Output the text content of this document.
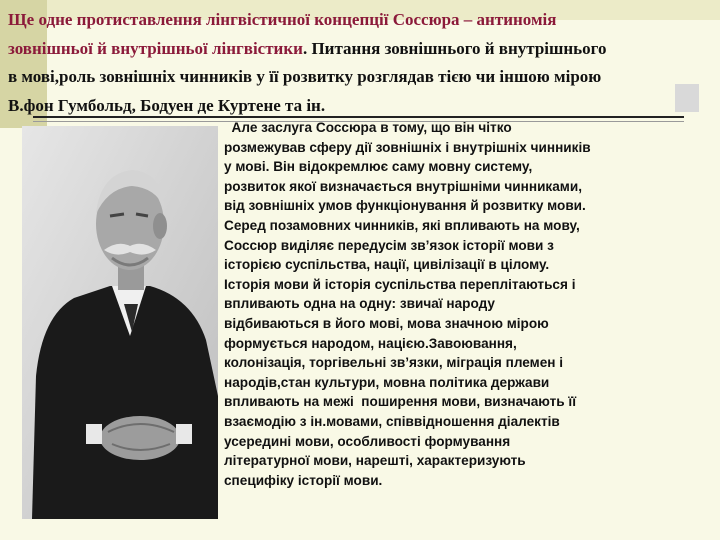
Ще одне протиставлення лінгвістичної концепції Соссюра – антиномія
зовнішньої й внутрішньої лінгвістики. Питання зовнішнього й внутрішнього
в мові,роль зовнішніх чинників у її розвитку розглядав тією чи іншою мірою
В.фон Гумбольд, Бодуен де Куртене та ін.

Але заслуга Соссюра в тому, що він чітко
розмежував сферу дії зовнішніх і внутрішніх чинників
у мові. Він відокремлює саму мовну систему,
розвиток якої визначається внутрішніми чинниками,
від зовнішніх умов функціонування й розвитку мови.
Серед позамовних чинників, які впливають на мову,
Соссюр виділяє передусім зв’язок історії мови з
історією суспільства, нації, цивілізації в цілому.
Історія мови й історія суспільства переплітаються і
впливають одна на одну: звичаї народу
відбиваються в його мові, мова значною мірою
формується народом, нацією.Завоювання,
колонізація, торгівельні зв’язки, міграція племен і
народів,стан культури, мовна політика держави
впливають на межі  поширення мови, визначають її
взаємодію з ін.мовами, співвідношення діалектів
усередині мови, особливості формування
літературної мови, нарешті, характеризують
специфіку історії мови.
